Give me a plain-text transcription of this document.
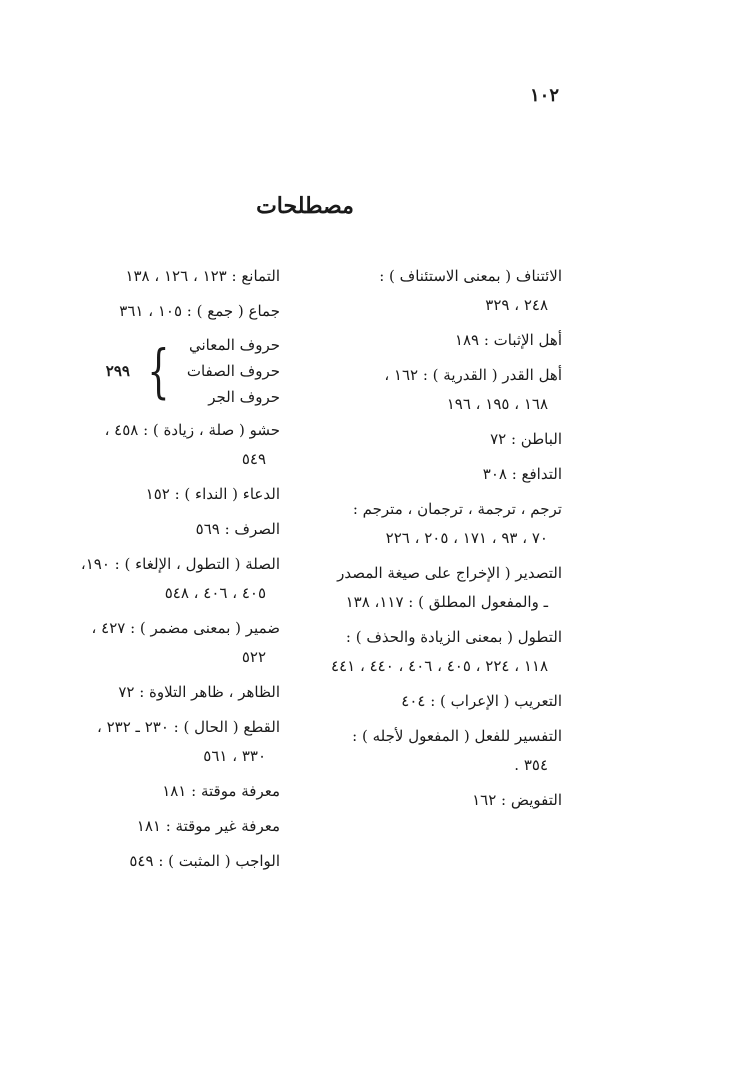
١٠٢
مصطلحات
الائتناف ( بمعنى الاستئناف ) :
٢٤٨ ، ٣٢٩
أهل الإثبات : ١٨٩
أهل القدر ( القدرية ) : ١٦٢ ،
١٦٨ ، ١٩٥ ، ١٩٦
الباطن : ٧٢
التدافع : ٣٠٨
ترجم ، ترجمة ، ترجمان ، مترجم :
٧٠ ، ٩٣ ، ١٧١ ، ٢٠٥ ، ٢٢٦
التصدير ( الإخراج على صيغة المصدر
ـ والمفعول المطلق ) : ١١٧، ١٣٨
التطول ( بمعنى الزيادة والحذف ) :
١١٨ ، ٢٢٤ ، ٤٠٥ ، ٤٠٦ ، ٤٤٠ ، ٤٤١
التعريب ( الإعراب ) : ٤٠٤
التفسير للفعل ( المفعول لأجله ) :
٣٥٤ .
التفويض : ١٦٢
التمانع : ١٢٣ ، ١٢٦ ، ١٣٨
جماع ( جمع ) : ١٠٥ ، ٣٦١
حروف المعاني
حروف الصفات
حروف الجر
}
٢٩٩
حشو ( صلة ، زيادة ) : ٤٥٨ ،
٥٤٩
الدعاء ( النداء ) : ١٥٢
الصرف : ٥٦٩
الصلة ( التطول ، الإلغاء ) : ١٩٠،
٤٠٥ ، ٤٠٦ ، ٥٤٨
ضمير ( بمعنى مضمر ) : ٤٢٧ ،
٥٢٢
الظاهر ، ظاهر التلاوة : ٧٢
القطع ( الحال ) : ٢٣٠ ـ ٢٣٢ ،
٣٣٠ ، ٥٦١
معرفة موقتة : ١٨١
معرفة غير موقتة : ١٨١
الواجب ( المثبت ) : ٥٤٩
